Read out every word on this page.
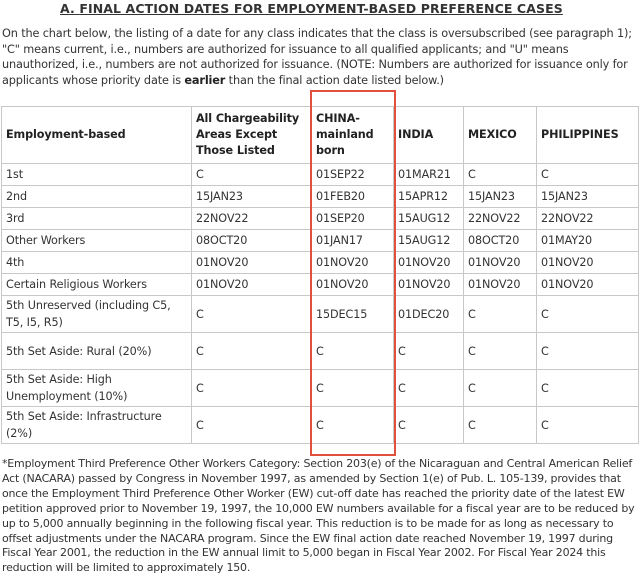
A. FINAL ACTION DATES FOR EMPLOYMENT-BASED PREFERENCE CASES
On the chart below, the listing of a date for any class indicates that the class is oversubscribed (see paragraph 1); "C" means current, i.e., numbers are authorized for issuance to all qualified applicants; and "U" means unauthorized, i.e., numbers are not authorized for issuance. (NOTE: Numbers are authorized for issuance only for applicants whose priority date is earlier than the final action date listed below.)
Employment-based	All Chargeability Areas Except Those Listed	CHINA-mainland born	INDIA	MEXICO	PHILIPPINES
1st	C	01SEP22	01MAR21	C	C
2nd	15JAN23	01FEB20	15APR12	15JAN23	15JAN23
3rd	22NOV22	01SEP20	15AUG12	22NOV22	22NOV22
Other Workers	08OCT20	01JAN17	15AUG12	08OCT20	01MAY20
4th	01NOV20	01NOV20	01NOV20	01NOV20	01NOV20
Certain Religious Workers	01NOV20	01NOV20	01NOV20	01NOV20	01NOV20
5th Unreserved (including C5, T5, I5, R5)	C	15DEC15	01DEC20	C	C
5th Set Aside: Rural (20%)	C	C	C	C	C
5th Set Aside: High Unemployment (10%)	C	C	C	C	C
5th Set Aside: Infrastructure (2%)	C	C	C	C	C
*Employment Third Preference Other Workers Category: Section 203(e) of the Nicaraguan and Central American Relief Act (NACARA) passed by Congress in November 1997, as amended by Section 1(e) of Pub. L. 105-139, provides that once the Employment Third Preference Other Worker (EW) cut-off date has reached the priority date of the latest EW petition approved prior to November 19, 1997, the 10,000 EW numbers available for a fiscal year are to be reduced by up to 5,000 annually beginning in the following fiscal year. This reduction is to be made for as long as necessary to offset adjustments under the NACARA program. Since the EW final action date reached November 19, 1997 during Fiscal Year 2001, the reduction in the EW annual limit to 5,000 began in Fiscal Year 2002. For Fiscal Year 2024 this reduction will be limited to approximately 150.
